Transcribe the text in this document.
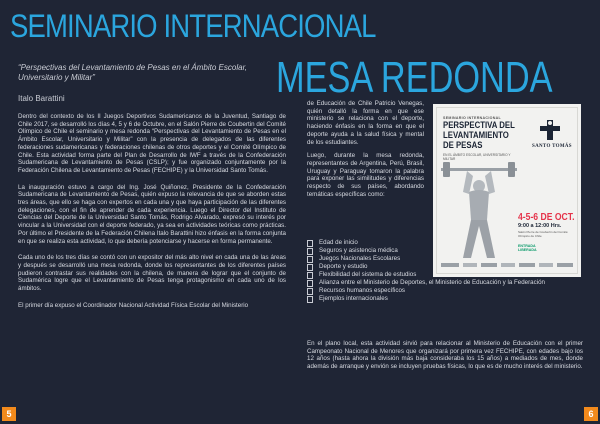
SEMINARIO INTERNACIONAL
MESA REDONDA
“Perspectivas del Levantamiento de Pesas en el Ámbito Escolar, Universitario y Militar”
Italo Barattini

Dentro del contexto de los II Juegos Deportivos Sudamericanos de la Juventud, Santiago de Chile 2017, se desarrolló los días 4, 5 y 6 de Octubre, en el Salón Pierre de Coubertin del Comité Olímpico de Chile el seminario y mesa redonda “Perspectivas del Levantamiento de Pesas en el Ámbito Escolar, Universitario y Militar” con la presencia de delegados de las diferentes federaciones sudamericanas y federaciones chilenas de otros deportes y el Comité Olímpico de Chile. Esta actividad forma parte del Plan de Desarrollo de IWF a través de la Confederación Sudamericana de Levantamiento de Pesas (CSLP); y fue organizado conjuntamente por la Federación Chilena de Levantamiento de Pesas (FECHIPE) y la Universidad Santo Tomás.

La inauguración estuvo a cargo del Ing. José Quiñonez, Presidente de la Confederación Sudamericana de Levantamiento de Pesas, quién expuso la relevancia de que se aborden estas tres áreas, que ello se haga con expertos en cada una y que haya participación de las diferentes delegaciones, con el fin de aprender de cada experiencia. Luego el Director del Instituto de Ciencias del Deporte de la Universidad Santo Tomás, Rodrigo Alvarado, expresó su interés por vincular a la Universidad con el deporte federado, ya sea en actividades teóricas como prácticas. Por último el Presidente de la Federación Chilena Italo Barattini hizo énfasis en la forma conjunta en que se realiza esta actividad, lo que debería potenciarse y hacerse en forma permanente.

Cada uno de los tres días se contó con un expositor del más alto nivel en cada una de las áreas y después se desarrolló una mesa redonda, donde los representantes de los diferentes países pudieron contrastar sus realidades con la chilena, de manera de lograr que el conjunto de Sudamérica logre que el Levantamiento de Pesas tenga protagonismo en cada uno de los ámbitos.

El primer día expuso el Coordinador Nacional Actividad Física Escolar del Ministerio

de Educación de Chile Patricio Venegas, quién detalló la forma en que ese ministerio se relaciona con el deporte, haciendo énfasis en la forma en que el deporte ayuda a la salud física y mental de los estudiantes.

Luego, durante la mesa redonda, representantes de Argentina, Perú, Brasil, Uruguay y Paraguay tomaron la palabra para exponer las similitudes y diferencias respecto de sus países, abordando temáticas específicas como:

Edad de inicio
Seguros y asistencia médica
Juegos Nacionales Escolares
Deporte y estudio
Flexibilidad del sistema de estudios
Alianza entre el Ministerio de Deportes, el Ministerio de Educación y la Federación
Recursos humanos específicos
Ejemplos internacionales
En el plano local, esta actividad sirvió para relacionar al Ministerio de Educación con el primer Campeonato Nacional de Menores que organizará por primera vez FECHIPE, con edades bajo los 12 años (hasta ahora la división más baja consideraba los 15 años) a mediados de mes, donde además de arranque y envión se incluyen pruebas físicas, lo que es de mucho interés del ministerio.
SEMINARIO INTERNACIONAL
PERSPECTIVA DEL
LEVANTAMIENTO
DE PESAS
EN EL ÁMBITO ESCOLAR, UNIVERSITARIO Y MILITAR
SANTO TOMÁS
4-5-6 DE OCT.
9:00 a 12:00 Hrs.
Salón Pierre de Coubertin del Comité Olímpico de Chile
ENTRADA
LIBERADA
5	6
